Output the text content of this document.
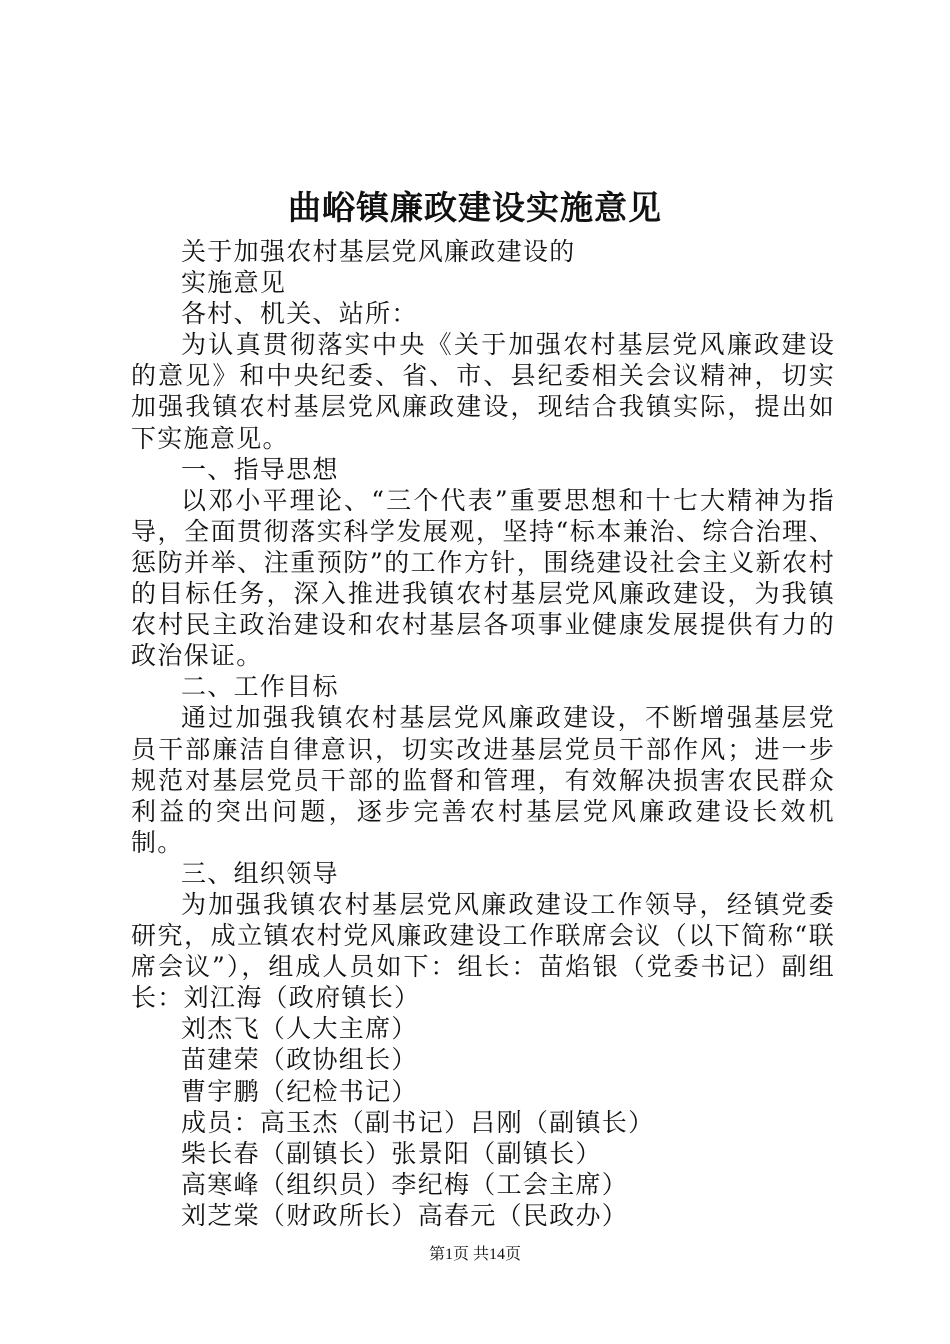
曲峪镇廉政建设实施意见

关于加强农村基层党风廉政建设的

实施意见

各村、机关、站所：

为认真贯彻落实中央《关于加强农村基层党风廉政建设的意见》和中央纪委、省、市、县纪委相关会议精神，切实加强我镇农村基层党风廉政建设，现结合我镇实际，提出如下实施意见。

一、指导思想

以邓小平理论、“三个代表”重要思想和十七大精神为指导，全面贯彻落实科学发展观，坚持“标本兼治、综合治理、惩防并举、注重预防”的工作方针，围绕建设社会主义新农村的目标任务，深入推进我镇农村基层党风廉政建设，为我镇农村民主政治建设和农村基层各项事业健康发展提供有力的政治保证。

二、工作目标

通过加强我镇农村基层党风廉政建设，不断增强基层党员干部廉洁自律意识，切实改进基层党员干部作风；进一步规范对基层党员干部的监督和管理，有效解决损害农民群众利益的突出问题，逐步完善农村基层党风廉政建设长效机制。

三、组织领导

为加强我镇农村基层党风廉政建设工作领导，经镇党委研究，成立镇农村党风廉政建设工作联席会议（以下简称“联席会议”），组成人员如下：组长：苗焰银（党委书记）副组长：刘江海（政府镇长）

刘杰飞（人大主席）

苗建荣（政协组长）

曹宇鹏（纪检书记）

成员：高玉杰（副书记）吕刚（副镇长）

柴长春（副镇长）张景阳（副镇长）

高寒峰（组织员）李纪梅（工会主席）

刘芝棠（财政所长）高春元（民政办）

第1页 共14页
